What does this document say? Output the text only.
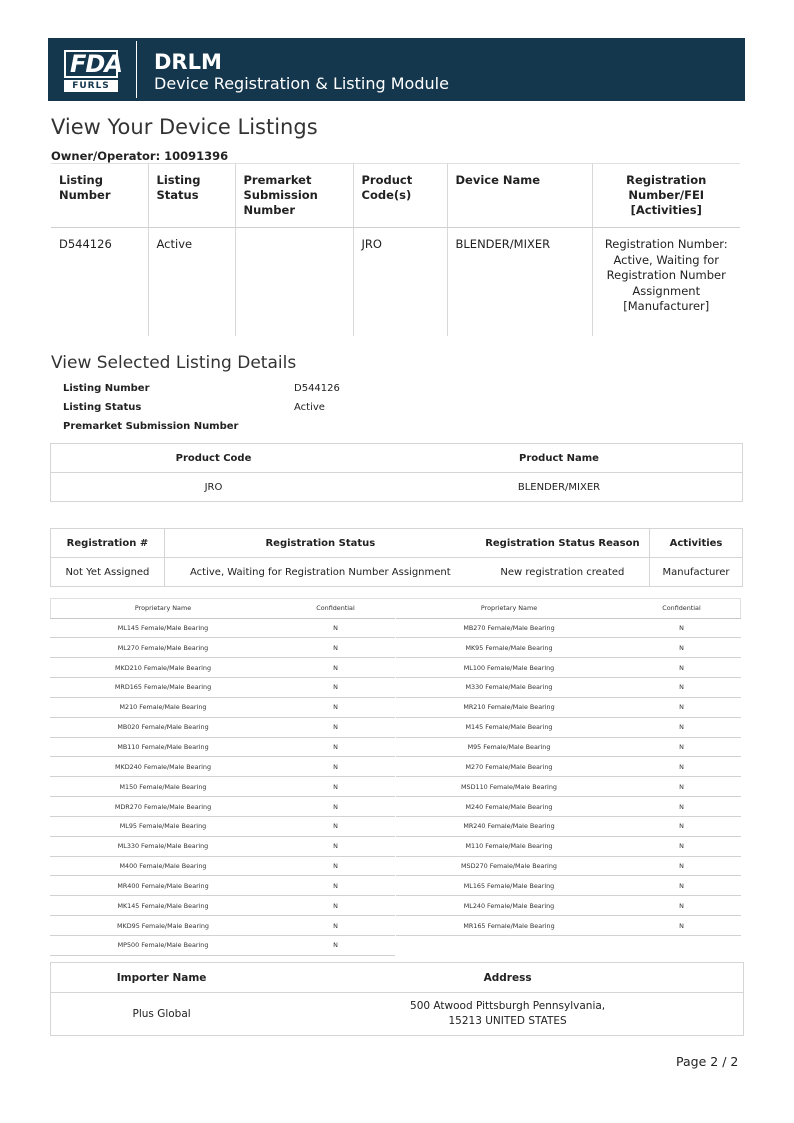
FDA
FURLS
DRLM
Device Registration & Listing Module
View Your Device Listings
Owner/Operator: 10091396
Listing Number	Listing Status	Premarket Submission Number	Product Code(s)	Device Name	Registration Number/FEI [Activities]
D544126	Active		JRO	BLENDER/MIXER	Registration Number: Active, Waiting for Registration Number Assignment [Manufacturer]
View Selected Listing Details
Listing Number	D544126
Listing Status	Active
Premarket Submission Number
Product Code	Product Name
JRO	BLENDER/MIXER
Registration #	Registration Status	Registration Status Reason	Activities
Not Yet Assigned	Active, Waiting for Registration Number Assignment	New registration created	Manufacturer
Proprietary Name	Confidential
ML145 Female/Male Bearing	N
ML270 Female/Male Bearing	N
MKD210 Female/Male Bearing	N
MRD165 Female/Male Bearing	N
M210 Female/Male Bearing	N
MB020 Female/Male Bearing	N
MB110 Female/Male Bearing	N
MKD240 Female/Male Bearing	N
M150 Female/Male Bearing	N
MDR270 Female/Male Bearing	N
ML95 Female/Male Bearing	N
ML330 Female/Male Bearing	N
M400 Female/Male Bearing	N
MR400 Female/Male Bearing	N
MK145 Female/Male Bearing	N
MKD95 Female/Male Bearing	N
MP500 Female/Male Bearing	N
Proprietary Name	Confidential
MB270 Female/Male Bearing	N
MK95 Female/Male Bearing	N
ML100 Female/Male Bearing	N
M330 Female/Male Bearing	N
MR210 Female/Male Bearing	N
M145 Female/Male Bearing	N
M95 Female/Male Bearing	N
M270 Female/Male Bearing	N
MSD110 Female/Male Bearing	N
M240 Female/Male Bearing	N
MR240 Female/Male Bearing	N
M110 Female/Male Bearing	N
MSD270 Female/Male Bearing	N
ML165 Female/Male Bearing	N
ML240 Female/Male Bearing	N
MR165 Female/Male Bearing	N
Importer Name	Address
Plus Global	500 Atwood Pittsburgh Pennsylvania,
15213 UNITED STATES
Page 2 / 2
